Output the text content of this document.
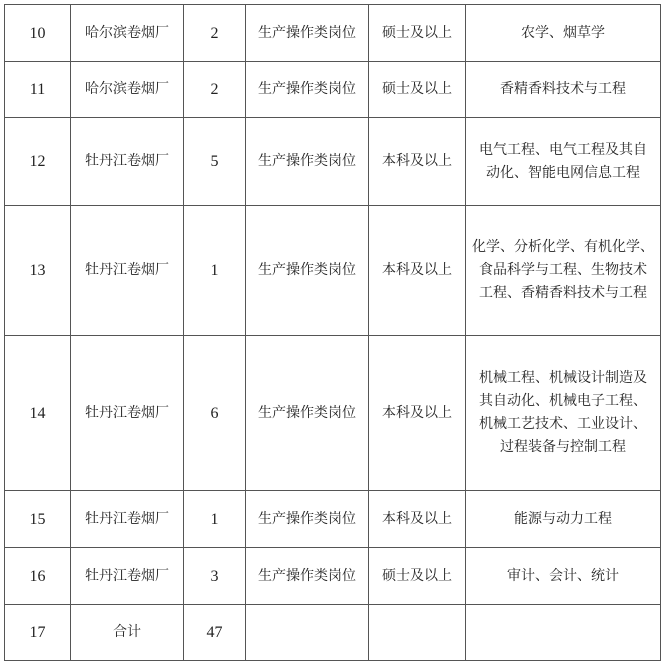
10	哈尔滨卷烟厂	2	生产操作类岗位	硕士及以上	农学、烟草学

11	哈尔滨卷烟厂	2	生产操作类岗位	硕士及以上	香精香料技术与工程

12	牡丹江卷烟厂	5	生产操作类岗位	本科及以上	电气工程、电气工程及其自
动化、智能电网信息工程

13	牡丹江卷烟厂	1	生产操作类岗位	本科及以上	化学、分析化学、有机化学、
食品科学与工程、生物技术
工程、香精香料技术与工程

14	牡丹江卷烟厂	6	生产操作类岗位	本科及以上	机械工程、机械设计制造及
其自动化、机械电子工程、
机械工艺技术、工业设计、
过程装备与控制工程

15	牡丹江卷烟厂	1	生产操作类岗位	本科及以上	能源与动力工程

16	牡丹江卷烟厂	3	生产操作类岗位	硕士及以上	审计、会计、统计

17	合计	47			
